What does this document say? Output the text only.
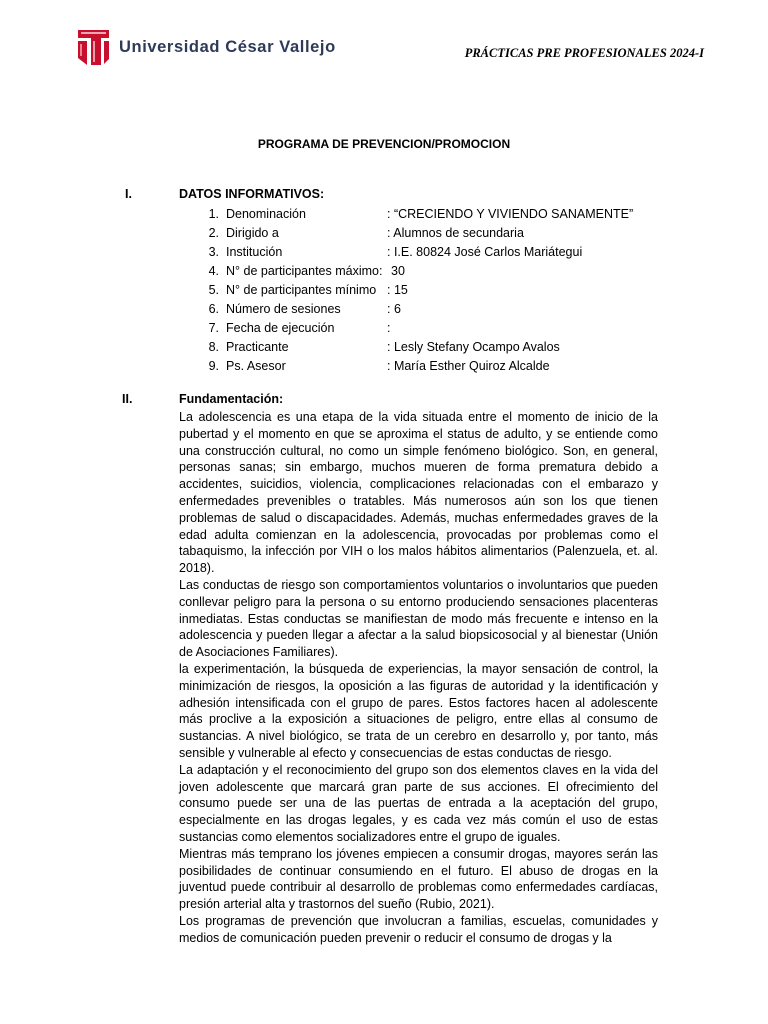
Universidad César Vallejo	PRÁCTICAS PRE PROFESIONALES 2024-I
PROGRAMA DE PREVENCION/PROMOCION
I.	DATOS INFORMATIVOS:
1. Denominación	: “CRECIENDO Y VIVIENDO SANAMENTE”
2. Dirigido a	: Alumnos de secundaria
3. Institución	: I.E. 80824 José Carlos Mariátegui
4. N° de participantes máximo: 30
5. N° de participantes mínimo : 15
6. Número de sesiones	: 6
7. Fecha de ejecución	:
8. Practicante	: Lesly Stefany Ocampo Avalos
9. Ps. Asesor	: María Esther Quiroz Alcalde
II.	Fundamentación:

La adolescencia es una etapa de la vida situada entre el momento de inicio de la pubertad y el momento en que se aproxima el status de adulto, y se entiende como una construcción cultural, no como un simple fenómeno biológico. Son, en general, personas sanas; sin embargo, muchos mueren de forma prematura debido a accidentes, suicidios, violencia, complicaciones relacionadas con el embarazo y enfermedades prevenibles o tratables. Más numerosos aún son los que tienen problemas de salud o discapacidades. Además, muchas enfermedades graves de la edad adulta comienzan en la adolescencia, provocadas por problemas como el tabaquismo, la infección por VIH o los malos hábitos alimentarios (Palenzuela, et. al. 2018).

Las conductas de riesgo son comportamientos voluntarios o involuntarios que pueden conllevar peligro para la persona o su entorno produciendo sensaciones placenteras inmediatas. Estas conductas se manifiestan de modo más frecuente e intenso en la adolescencia y pueden llegar a afectar a la salud biopsicosocial y al bienestar (Unión de Asociaciones Familiares).

la experimentación, la búsqueda de experiencias, la mayor sensación de control, la minimización de riesgos, la oposición a las figuras de autoridad y la identificación y adhesión intensificada con el grupo de pares. Estos factores hacen al adolescente más proclive a la exposición a situaciones de peligro, entre ellas al consumo de sustancias. A nivel biológico, se trata de un cerebro en desarrollo y, por tanto, más sensible y vulnerable al efecto y consecuencias de estas conductas de riesgo.

La adaptación y el reconocimiento del grupo son dos elementos claves en la vida del joven adolescente que marcará gran parte de sus acciones. El ofrecimiento del consumo puede ser una de las puertas de entrada a la aceptación del grupo, especialmente en las drogas legales, y es cada vez más común el uso de estas sustancias como elementos socializadores entre el grupo de iguales.

Mientras más temprano los jóvenes empiecen a consumir drogas, mayores serán las posibilidades de continuar consumiendo en el futuro. El abuso de drogas en la juventud puede contribuir al desarrollo de problemas como enfermedades cardíacas, presión arterial alta y trastornos del sueño (Rubio, 2021).

Los programas de prevención que involucran a familias, escuelas, comunidades y medios de comunicación pueden prevenir o reducir el consumo de drogas y la
